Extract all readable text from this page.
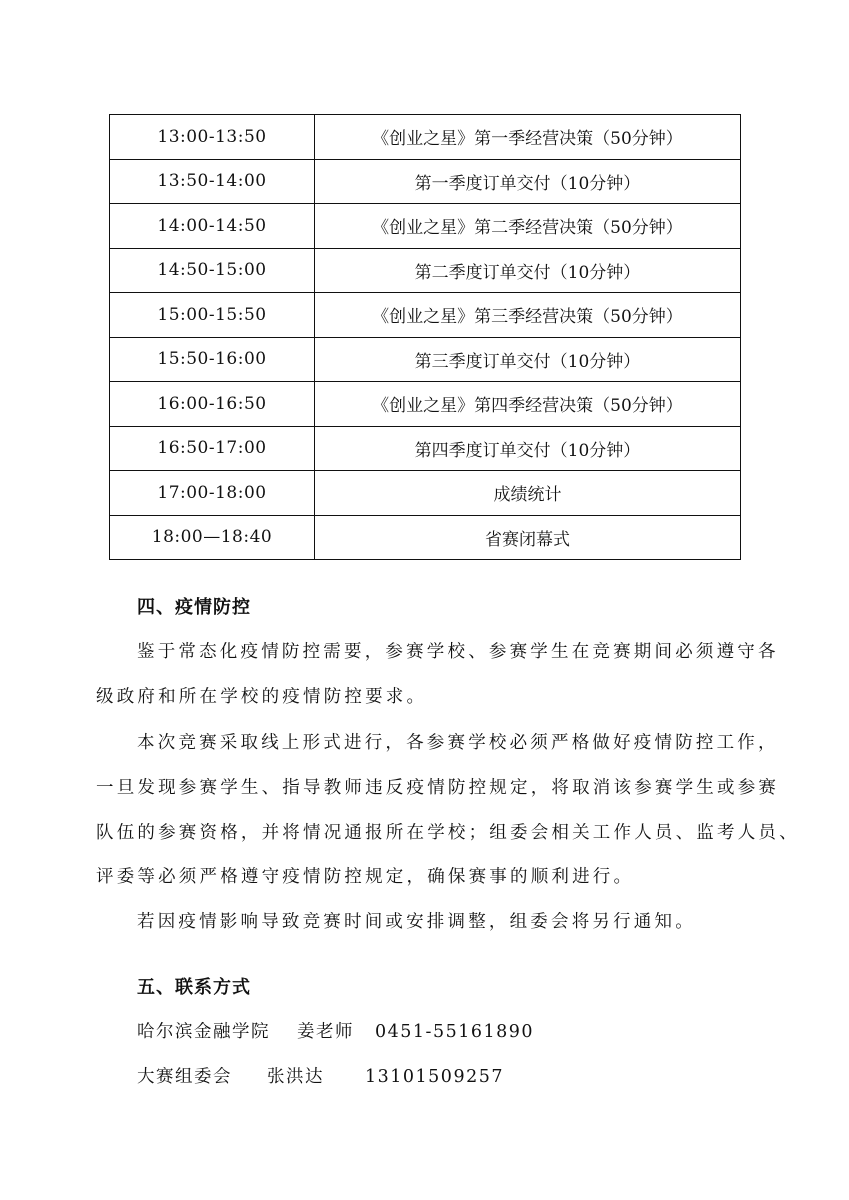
13:00-13:50	《创业之星》第一季经营决策（50分钟）
13:50-14:00	第一季度订单交付（10分钟）
14:00-14:50	《创业之星》第二季经营决策（50分钟）
14:50-15:00	第二季度订单交付（10分钟）
15:00-15:50	《创业之星》第三季经营决策（50分钟）
15:50-16:00	第三季度订单交付（10分钟）
16:00-16:50	《创业之星》第四季经营决策（50分钟）
16:50-17:00	第四季度订单交付（10分钟）
17:00-18:00	成绩统计
18:00—18:40	省赛闭幕式
四、疫情防控
鉴于常态化疫情防控需要，参赛学校、参赛学生在竞赛期间必须遵守各
级政府和所在学校的疫情防控要求。
本次竞赛采取线上形式进行，各参赛学校必须严格做好疫情防控工作，
一旦发现参赛学生、指导教师违反疫情防控规定，将取消该参赛学生或参赛
队伍的参赛资格，并将情况通报所在学校；组委会相关工作人员、监考人员、
评委等必须严格遵守疫情防控规定，确保赛事的顺利进行。
若因疫情影响导致竞赛时间或安排调整，组委会将另行通知。
五、联系方式
哈尔滨金融学院 姜老师 0451-55161890
大赛组委会 张洪达 13101509257
